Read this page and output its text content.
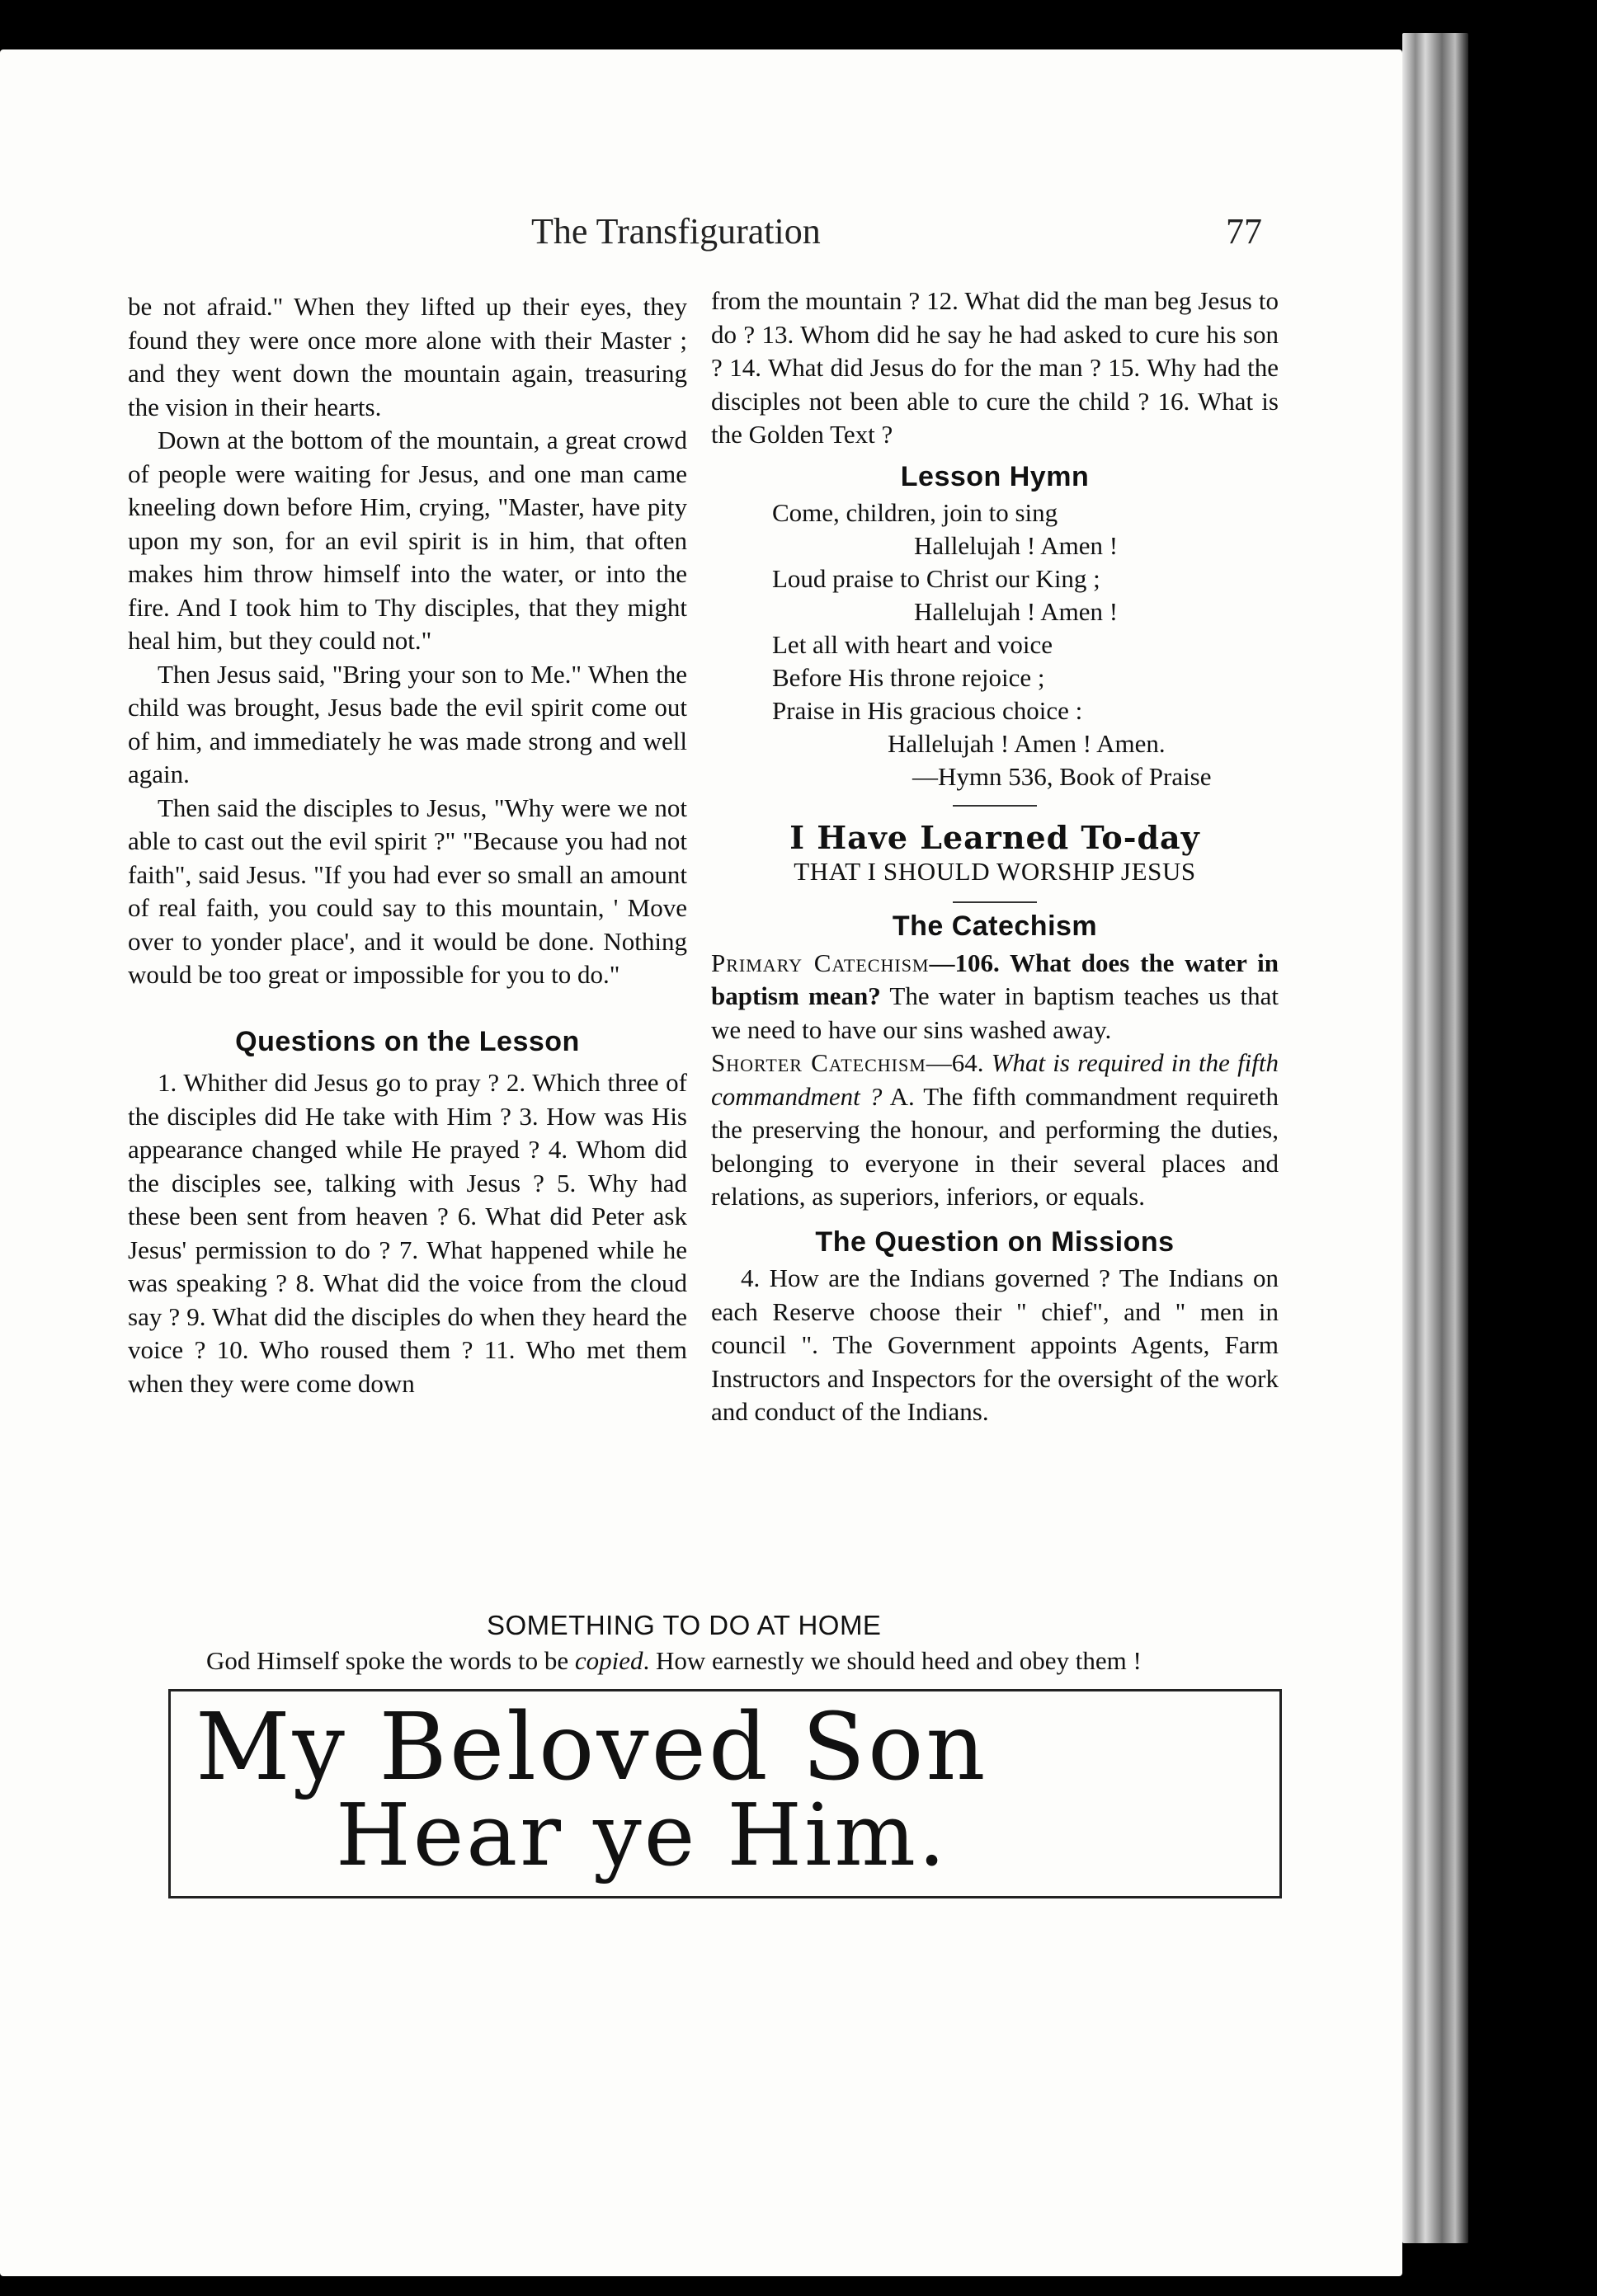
The Transfiguration	77

be not afraid." When they lifted up their eyes, they found they were once more alone with their Master ; and they went down the mountain again, treasuring the vision in their hearts.

Down at the bottom of the mountain, a great crowd of people were waiting for Jesus, and one man came kneeling down before Him, crying, "Master, have pity upon my son, for an evil spirit is in him, that often makes him throw himself into the water, or into the fire. And I took him to Thy disciples, that they might heal him, but they could not."

Then Jesus said, "Bring your son to Me." When the child was brought, Jesus bade the evil spirit come out of him, and immediately he was made strong and well again.

Then said the disciples to Jesus, "Why were we not able to cast out the evil spirit ?" "Because you had not faith", said Jesus. "If you had ever so small an amount of real faith, you could say to this mountain, ' Move over to yonder place', and it would be done. Nothing would be too great or impossible for you to do."

Questions on the Lesson

1. Whither did Jesus go to pray ? 2. Which three of the disciples did He take with Him ? 3. How was His appearance changed while He prayed ? 4. Whom did the disciples see, talking with Jesus ? 5. Why had these been sent from heaven ? 6. What did Peter ask Jesus' permission to do ? 7. What happened while he was speaking ? 8. What did the voice from the cloud say ? 9. What did the disciples do when they heard the voice ? 10. Who roused them ? 11. Who met them when they were come down

from the mountain ? 12. What did the man beg Jesus to do ? 13. Whom did he say he had asked to cure his son ? 14. What did Jesus do for the man ? 15. Why had the disciples not been able to cure the child ? 16. What is the Golden Text ?

Lesson Hymn
Come, children, join to sing
Hallelujah ! Amen !
Loud praise to Christ our King ;
Hallelujah ! Amen !
Let all with heart and voice
Before His throne rejoice ;
Praise in His gracious choice :
Hallelujah ! Amen ! Amen.
—Hymn 536, Book of Praise
I Have Learned To-day
THAT I SHOULD WORSHIP JESUS
The Catechism

Primary Catechism—106. What does the water in baptism mean? The water in baptism teaches us that we need to have our sins washed away.

Shorter Catechism—64. What is required in the fifth commandment ? A. The fifth commandment requireth the preserving the honour, and performing the duties, belonging to everyone in their several places and relations, as superiors, inferiors, or equals.

The Question on Missions

4. How are the Indians governed ? The Indians on each Reserve choose their " chief", and " men in council ". The Government appoints Agents, Farm Instructors and Inspectors for the oversight of the work and conduct of the Indians.

SOMETHING TO DO AT HOME
God Himself spoke the words to be copied. How earnestly we should heed and obey them !
My Beloved Son
Hear ye Him.
